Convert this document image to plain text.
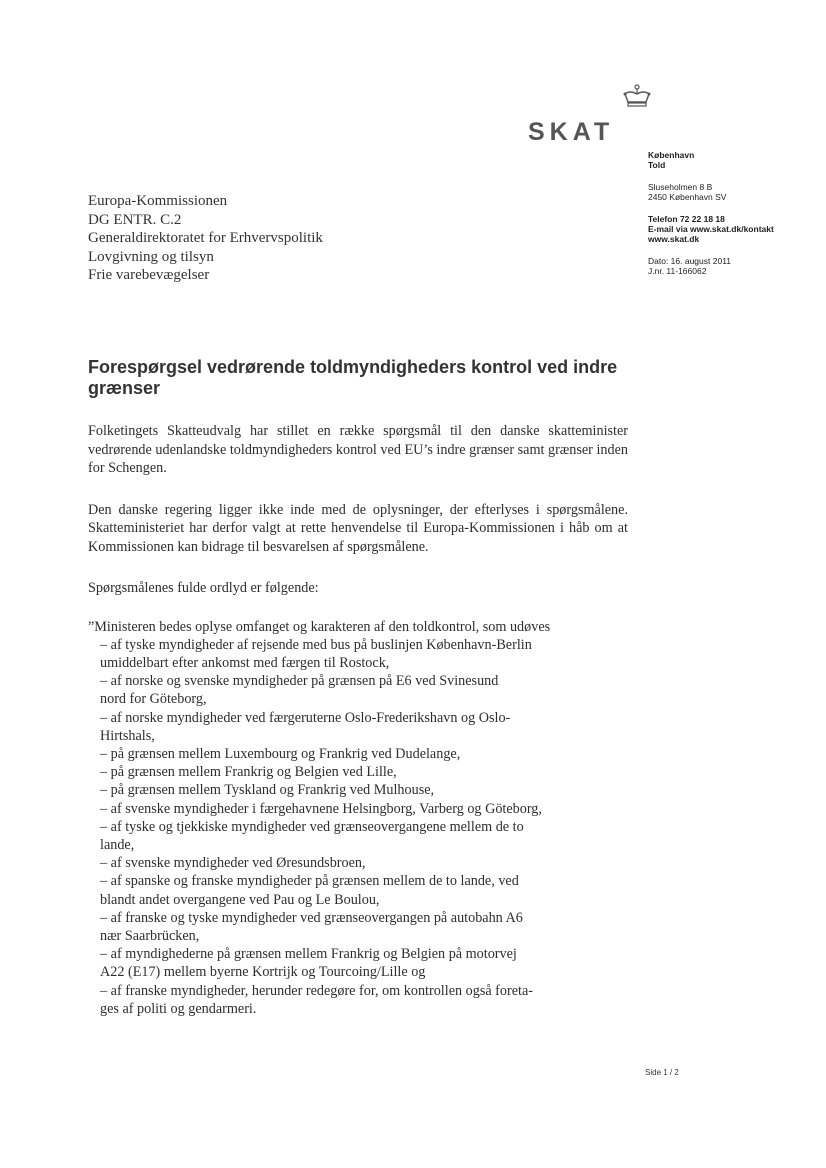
SKAT
København
Told
Sluseholmen 8 B
2450 København SV
Telefon 72 22 18 18
E-mail via www.skat.dk/kontakt
www.skat.dk
Dato: 16. august 2011
J.nr. 11-166062
Europa-Kommissionen
DG ENTR. C.2
Generaldirektoratet for Erhvervspolitik
Lovgivning og tilsyn
Frie varebevægelser
Forespørgsel vedrørende toldmyndigheders kontrol ved indre grænser

Folketingets Skatteudvalg har stillet en række spørgsmål til den danske skatteminister vedrørende udenlandske toldmyndigheders kontrol ved EU’s indre grænser samt grænser inden for Schengen.

Den danske regering ligger ikke inde med de oplysninger, der efterlyses i spørgsmålene. Skatteministeriet har derfor valgt at rette henvendelse til Europa-Kommissionen i håb om at Kommissionen kan bidrage til besvarelsen af spørgsmålene.

Spørgsmålenes fulde ordlyd er følgende:

”Ministeren bedes oplyse omfanget og karakteren af den toldkontrol, som udøves
– af tyske myndigheder af rejsende med bus på buslinjen København-Berlin
umiddelbart efter ankomst med færgen til Rostock,
– af norske og svenske myndigheder på grænsen på E6 ved Svinesund
nord for Göteborg,
– af norske myndigheder ved færgeruterne Oslo-Frederikshavn og Oslo-
Hirtshals,
– på grænsen mellem Luxembourg og Frankrig ved Dudelange,
– på grænsen mellem Frankrig og Belgien ved Lille,
– på grænsen mellem Tyskland og Frankrig ved Mulhouse,
– af svenske myndigheder i færgehavnene Helsingborg, Varberg og Göteborg,
– af tyske og tjekkiske myndigheder ved grænseovergangene mellem de to
lande,
– af svenske myndigheder ved Øresundsbroen,
– af spanske og franske myndigheder på grænsen mellem de to lande, ved
blandt andet overgangene ved Pau og Le Boulou,
– af franske og tyske myndigheder ved grænseovergangen på autobahn A6
nær Saarbrücken,
– af myndighederne på grænsen mellem Frankrig og Belgien på motorvej
A22 (E17) mellem byerne Kortrijk og Tourcoing/Lille og
– af franske myndigheder, herunder redegøre for, om kontrollen også foreta-
ges af politi og gendarmeri.
Side 1 / 2
